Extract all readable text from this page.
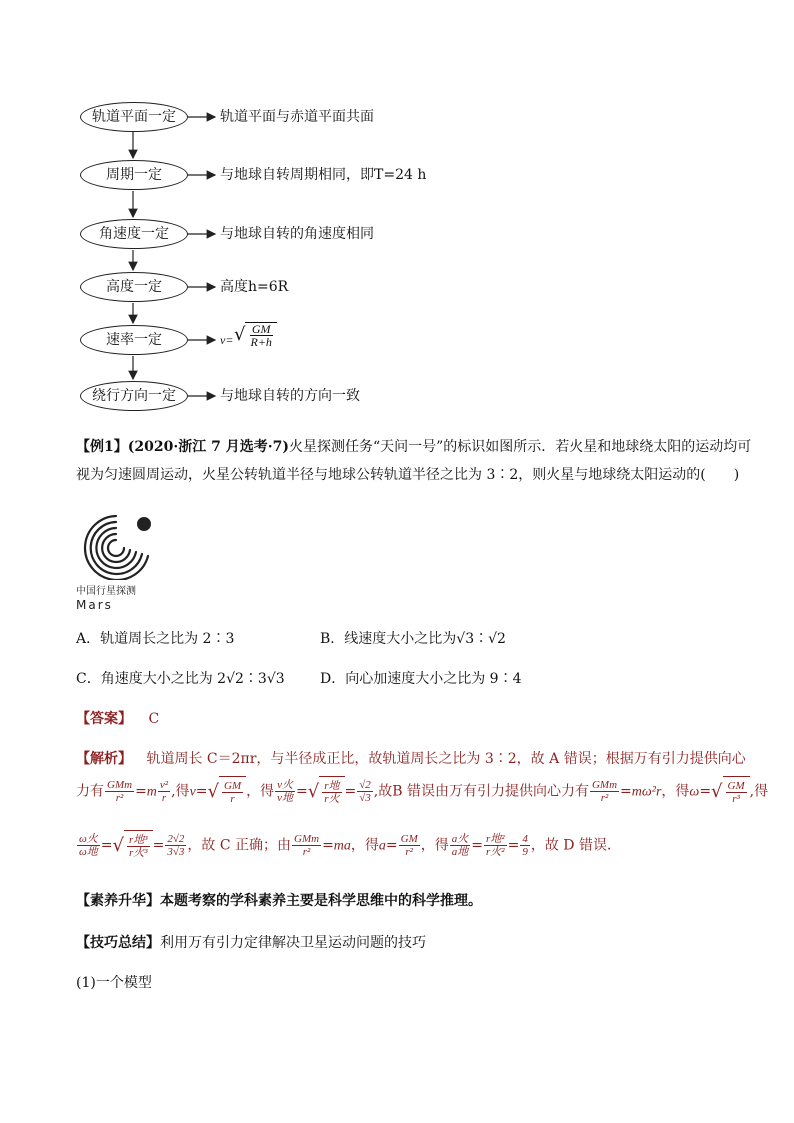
轨道平面一定
周期一定
角速度一定
高度一定
速率一定
绕行方向一定
轨道平面与赤道平面共面
与地球自转周期相同，即T=24 h
与地球自转的角速度相同
高度h=6R
v= √ $\frac{GM}{R+h}$
与地球自转的方向一致
【例1】(2020·浙江 7 月选考·7)火星探测任务“天问一号”的标识如图所示．若火星和地球绕太阳的运动均可
视为匀速圆周运动，火星公转轨道半径与地球公转轨道半径之比为 3∶2，则火星与地球绕太阳运动的(　　)
中国行星探测
Mars
A．轨道周长之比为 2∶3	B．线速度大小之比为√3∶√2
C．角速度大小之比为 2√2∶3√3	D．向心加速度大小之比为 9∶4
【答案】 C
【解析】 轨道周长 C＝2πr，与半径成正比，故轨道周长之比为 3∶2，故 A 错误；根据万有引力提供向心
力有 $\frac{\text{GMm}}{\text{r²}} =m \frac{\text{v²}}{r}$ ,得v= √ $\frac{GM}{r}$ ，得 $\frac{\text{v火}}{\text{v地}}$ = √ $\frac{\text{r地}}{\text{r火}} = \frac{√2}{√3}$ ,故B 错误由万有引力提供向心力有 $\frac{\text{GMm}}{\text{r²}} =m\omega^2r$，得ω= √ $\frac{GM}{\text{r³}}$ ,得
$\frac{\text{ω火}}{\text{ω地}}$ = √ $\frac{\text{r地³}}{\text{r火³}} = \frac{2√2}{3√3}$ ，故 C 正确；由 $\frac{\text{GMm}}{\text{r²}} =ma$，得$a= \frac{GM}{\text{r²}}$ ，得 $\frac{\text{a火}}{\text{a地}} = \frac{\text{r地²}}{\text{r火²}} = \frac{4}{9}$ ，故 D 错误．
【素养升华】本题考察的学科素养主要是科学思维中的科学推理。
【技巧总结】利用万有引力定律解决卫星运动问题的技巧
(1)一个模型
